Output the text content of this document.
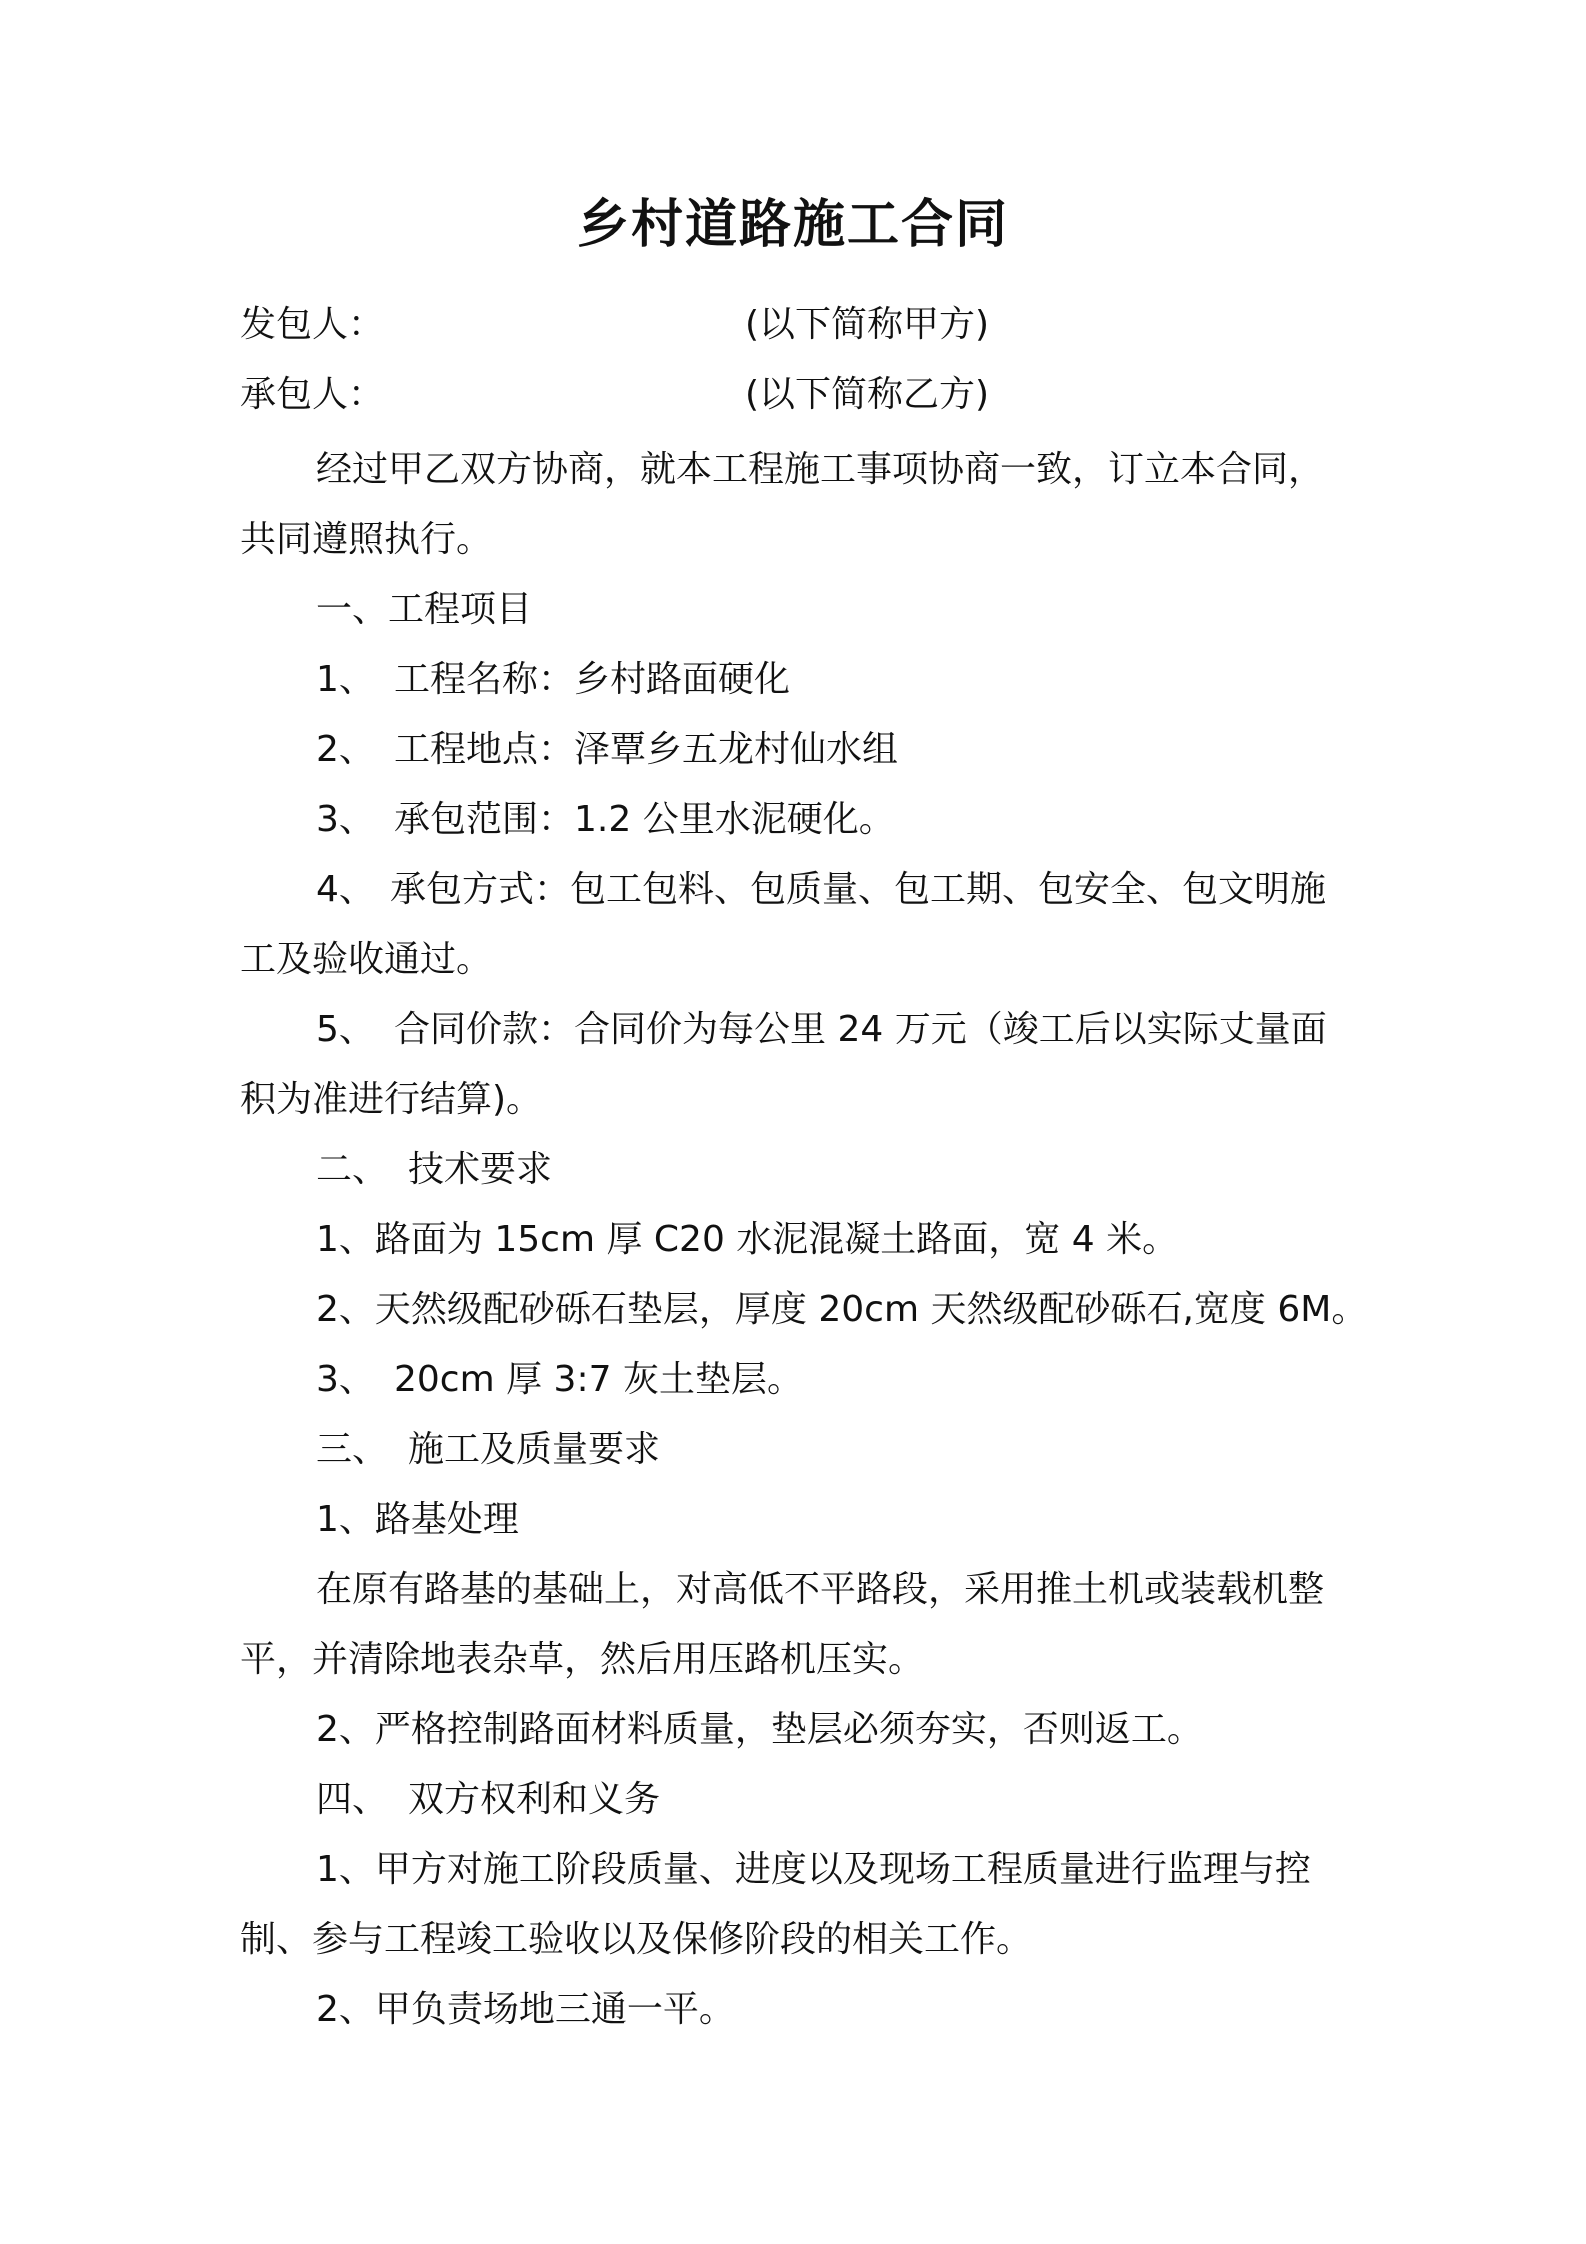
乡村道路施工合同
发包人：	(以下简称甲方)
承包人：	(以下简称乙方)
经过甲乙双方协商，就本工程施工事项协商一致，订立本合同，
共同遵照执行。
一、工程项目
1、 工程名称：乡村路面硬化
2、 工程地点：泽覃乡五龙村仙水组
3、 承包范围：1.2 公里水泥硬化。
4、 承包方式：包工包料、包质量、包工期、包安全、包文明施
工及验收通过。
5、 合同价款：合同价为每公里 24 万元（竣工后以实际丈量面
积为准进行结算)。
二、 技术要求
1、路面为 15cm 厚 C20 水泥混凝土路面，宽 4 米。
2、天然级配砂砾石垫层，厚度 20cm 天然级配砂砾石,宽度 6M。
3、 20cm 厚 3:7 灰土垫层。
三、 施工及质量要求
1、路基处理
在原有路基的基础上，对高低不平路段，采用推土机或装载机整
平，并清除地表杂草，然后用压路机压实。
2、严格控制路面材料质量，垫层必须夯实，否则返工。
四、 双方权利和义务
1、甲方对施工阶段质量、进度以及现场工程质量进行监理与控
制、参与工程竣工验收以及保修阶段的相关工作。
2、甲负责场地三通一平。
